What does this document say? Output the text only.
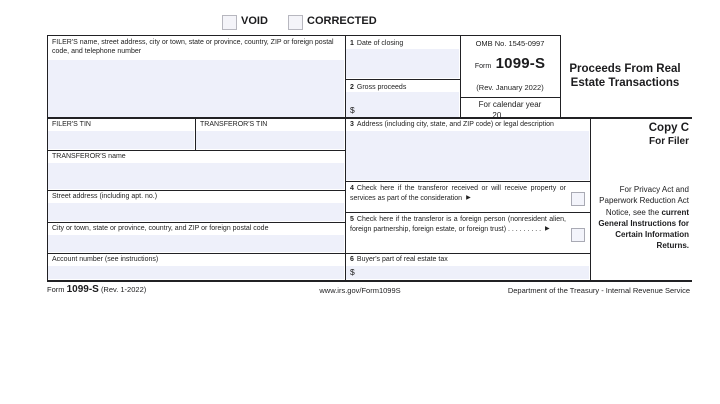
VOID	CORRECTED
FILER'S name, street address, city or town, state or province, country, ZIP or foreign postal code, and telephone number
1 Date of closing
2 Gross proceeds
$
OMB No. 1545-0997
Form 1099-S
(Rev. January 2022)
For calendar year
20
Proceeds From Real
Estate Transactions
FILER'S TIN	TRANSFEROR'S TIN	3 Address (including city, state, and ZIP code) or legal description
TRANSFEROR'S name
Street address (including apt. no.)
City or town, state or province, country, and ZIP or foreign postal code
Account number (see instructions)
4 Check here if the transferor received or will receive property or services as part of the consideration ▶
5 Check here if the transferor is a foreign person (nonresident alien, foreign partnership, foreign estate, or foreign trust) . . . . . . . . . ▶
6 Buyer's part of real estate tax
$
Copy C
For Filer
For Privacy Act and Paperwork Reduction Act Notice, see the current General Instructions for Certain Information Returns.
Form 1099-S (Rev. 1-2022)	www.irs.gov/Form1099S	Department of the Treasury - Internal Revenue Service
